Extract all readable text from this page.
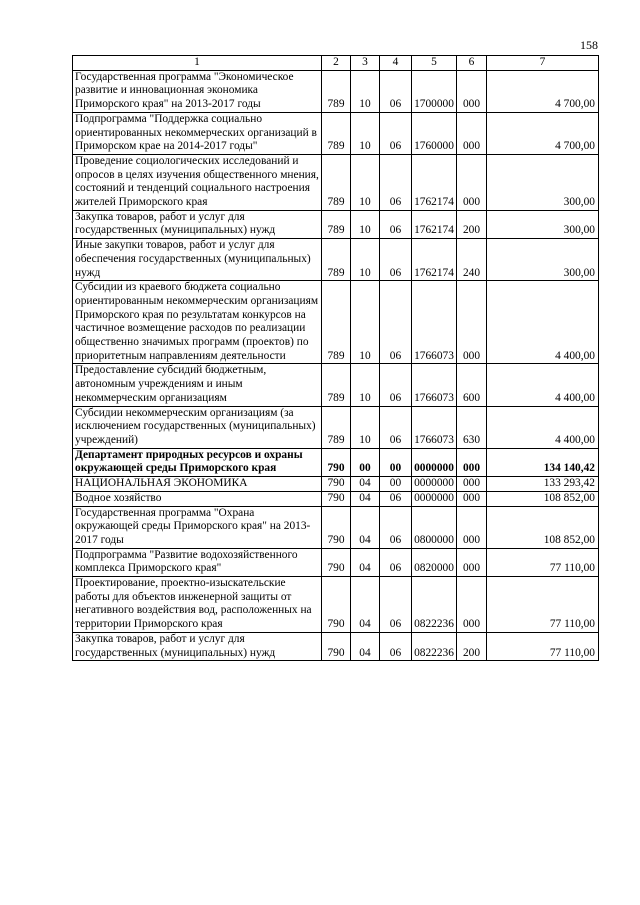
158
1	2	3	4	5	6	7
Государственная программа "Экономическое развитие и инновационная экономика Приморского края" на 2013-2017 годы	789	10	06	1700000	000	4 700,00
Подпрограмма "Поддержка социально ориентированных некоммерческих организаций в Приморском крае на 2014-2017 годы"	789	10	06	1760000	000	4 700,00
Проведение социологических исследований и опросов в целях изучения общественного мнения, состояний и тенденций социального настроения жителей Приморского края	789	10	06	1762174	000	300,00
Закупка товаров, работ и услуг для государственных (муниципальных) нужд	789	10	06	1762174	200	300,00
Иные закупки товаров, работ и услуг для обеспечения государственных (муниципальных) нужд	789	10	06	1762174	240	300,00
Субсидии из краевого бюджета социально ориентированным некоммерческим организациям Приморского края по результатам конкурсов на частичное возмещение расходов по реализации общественно значимых программ (проектов) по приоритетным направлениям деятельности	789	10	06	1766073	000	4 400,00
Предоставление субсидий бюджетным, автономным учреждениям и иным некоммерческим организациям	789	10	06	1766073	600	4 400,00
Субсидии некоммерческим организациям (за исключением государственных (муниципальных) учреждений)	789	10	06	1766073	630	4 400,00
Департамент природных ресурсов и охраны окружающей среды Приморского края	790	00	00	0000000	000	134 140,42
НАЦИОНАЛЬНАЯ ЭКОНОМИКА	790	04	00	0000000	000	133 293,42
Водное хозяйство	790	04	06	0000000	000	108 852,00
Государственная программа "Охрана окружающей среды Приморского края" на 2013-2017 годы	790	04	06	0800000	000	108 852,00
Подпрограмма "Развитие водохозяйственного комплекса Приморского края"	790	04	06	0820000	000	77 110,00
Проектирование, проектно-изыскательские работы для объектов инженерной защиты от негативного воздействия вод, расположенных на территории Приморского края	790	04	06	0822236	000	77 110,00
Закупка товаров, работ и услуг для государственных (муниципальных) нужд	790	04	06	0822236	200	77 110,00
